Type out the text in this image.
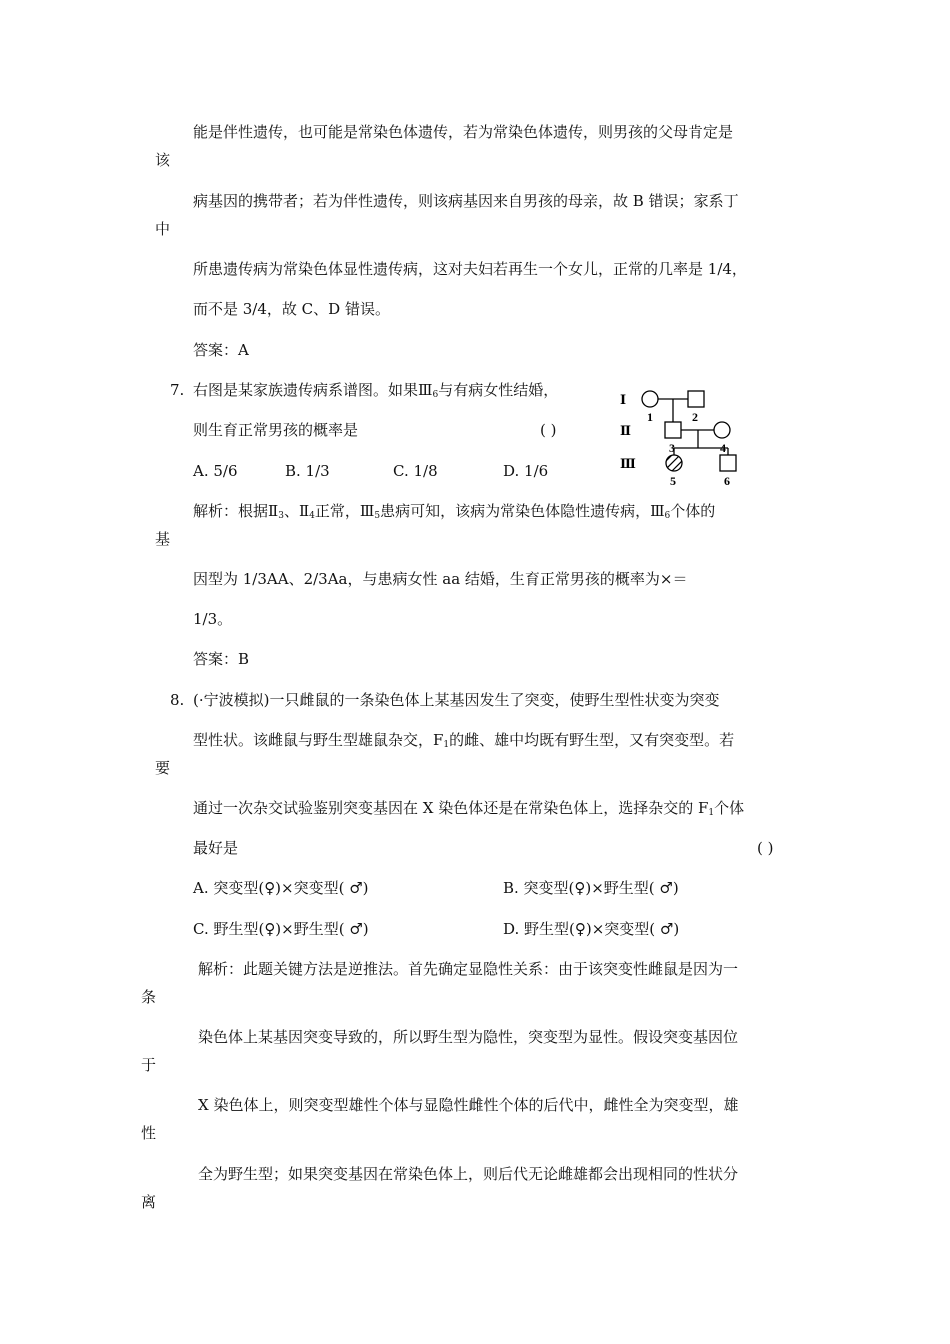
能是伴性遗传，也可能是常染色体遗传，若为常染色体遗传，则男孩的父母肯定是
该
病基因的携带者；若为伴性遗传，则该病基因来自男孩的母亲，故 B 错误；家系丁
中
所患遗传病为常染色体显性遗传病，这对夫妇若再生一个女儿，正常的几率是 1/4，
而不是 3/4，故 C、D 错误。
答案：A
7. 右图是某家族遗传病系谱图。如果$Ⅲ_6$与有病女性结婚，
则生育正常男孩的概率是	( )
A. 5/6	B. 1/3	C. 1/8	D. 1/6
Ⅰ
Ⅱ
Ⅲ
1	2
3	4
5	6
解析：根据$Ⅱ_3$、$Ⅱ_4$正常，$Ⅲ_5$患病可知，该病为常染色体隐性遗传病，$Ⅲ_6$个体的
基
因型为 1/3AA、2/3Aa，与患病女性 aa 结婚，生育正常男孩的概率为×＝
1/3。
答案：B
8. (·宁波模拟)一只雌鼠的一条染色体上某基因发生了突变，使野生型性状变为突变
型性状。该雌鼠与野生型雄鼠杂交，$F_1$的雌、雄中均既有野生型，又有突变型。若
要
通过一次杂交试验鉴别突变基因在 X 染色体还是在常染色体上，选择杂交的 $F_1$个体
最好是	( )
A. 突变型(♀)×突变型( ♂)	B. 突变型(♀)×野生型( ♂)
C. 野生型(♀)×野生型( ♂)	D. 野生型(♀)×突变型( ♂)
解析：此题关键方法是逆推法。首先确定显隐性关系：由于该突变性雌鼠是因为一
条
染色体上某基因突变导致的，所以野生型为隐性，突变型为显性。假设突变基因位
于
X 染色体上，则突变型雄性个体与显隐性雌性个体的后代中，雌性全为突变型，雄
性
全为野生型；如果突变基因在常染色体上，则后代无论雌雄都会出现相同的性状分
离
